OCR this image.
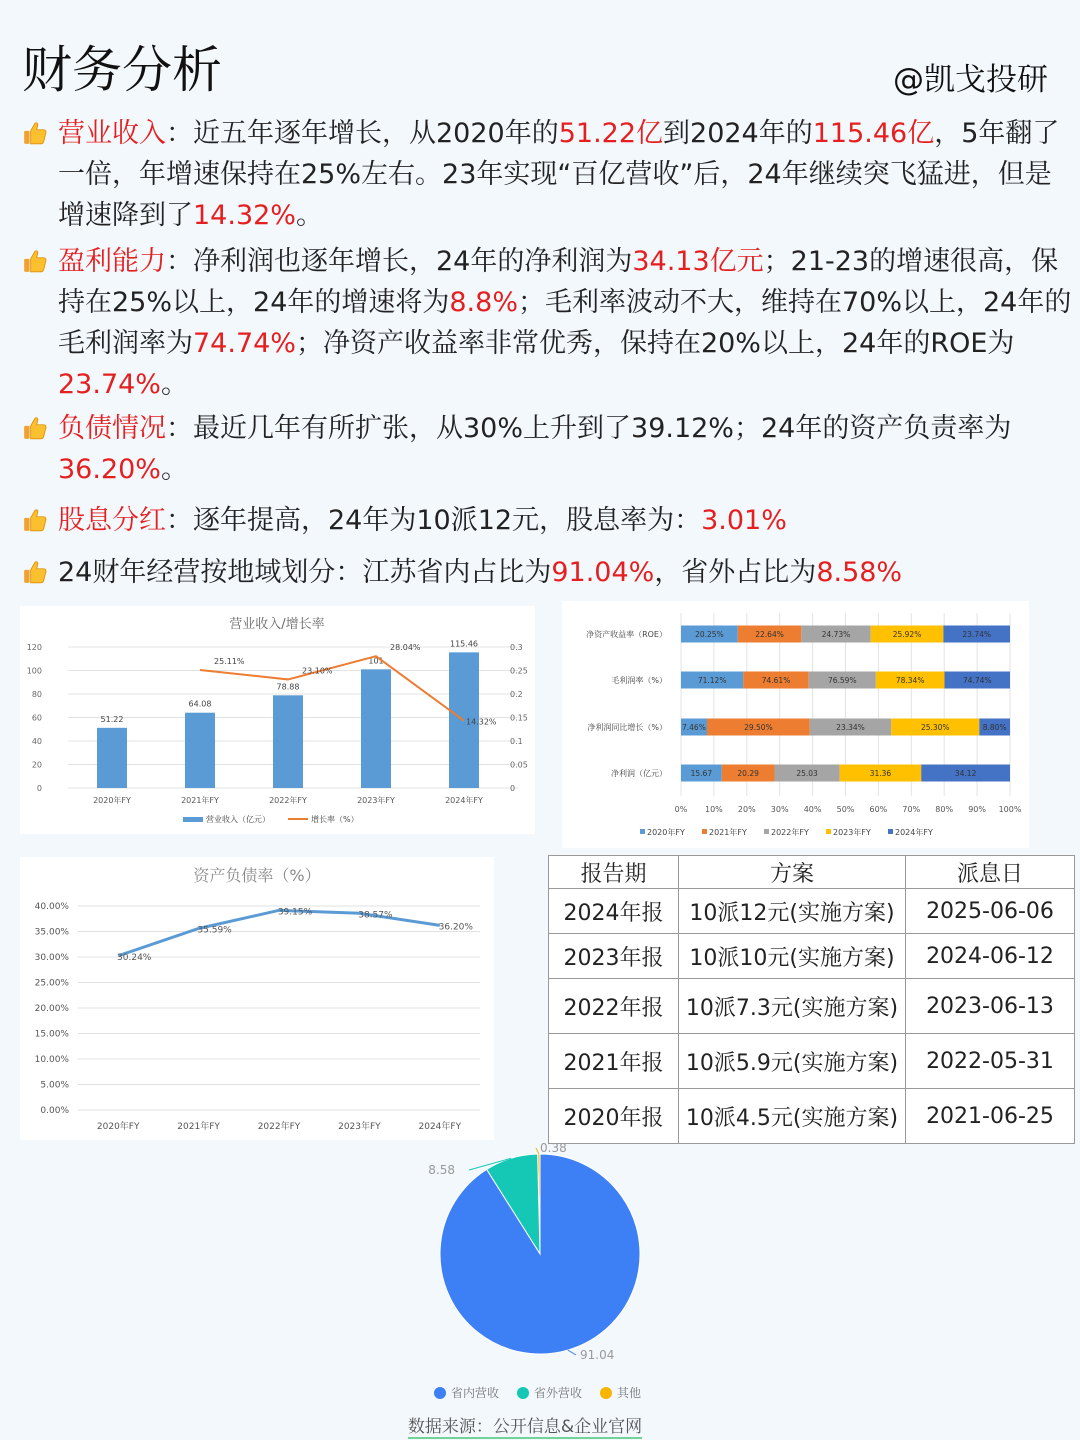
财务分析	@凯戈投研
营业收入：近五年逐年增长，从2020年的51.22亿到2024年的115.46亿，5年翻了一倍，年增速保持在25%左右。23年实现“百亿营收”后，24年继续突飞猛进，但是增速降到了14.32%。
盈利能力：净利润也逐年增长，24年的净利润为34.13亿元；21-23的增速很高，保持在25%以上，24年的增速将为8.8%；毛利率波动不大，维持在70%以上，24年的毛利润率为74.74%；净资产收益率非常优秀，保持在20%以上，24年的ROE为23.74%。
负债情况：最近几年有所扩张，从30%上升到了39.12%；24年的资产负责率为36.20%。
股息分红：逐年提高，24年为10派12元，股息率为：3.01%
24财年经营按地域划分：江苏省内占比为91.04%，省外占比为8.58%
营业收入/增长率
0
20
40
60
80
100
120
0
0.05
0.1
0.15
0.2
0.25
0.3
51.22
2020年FY
64.08
2021年FY
78.88
2022年FY
101
2023年FY
115.46
2024年FY
25.11%
23.10%
28.04%
14.32%
营业收入（亿元）	增长率（%）
0% 10% 20% 30% 40% 50% 60% 70% 80% 90% 100%
净资产收益率（ROE）	20.25%	22.64%	24.73%	25.92%	23.74%
毛利润率（%）	71.12%	74.61%	76.59%	78.34%	74.74%
净利润同比增长（%） 7.46%	29.50%	23.34%	25.30%	8.80%
净利润（亿元）	15.67	20.29	25.03	31.36	34.12
2020年FY	2021年FY	2022年FY	2023年FY	2024年FY
资产负债率（%）
0.00%
5.00%
10.00%
15.00%
20.00%
25.00%
30.00%
35.00%
40.00%
30.24%
2020年FY
35.59%
2021年FY
39.15%
2022年FY
38.57%
2023年FY
36.20%
2024年FY
报告期	方案	派息日
2024年报	10派12元(实施方案)	2025-06-06
2023年报	10派10元(实施方案)	2024-06-12
2022年报	10派7.3元(实施方案)	2023-06-13
2021年报	10派5.9元(实施方案)	2022-05-31
2020年报	10派4.5元(实施方案)	2021-06-25
0.38
8.58
91.04
省内营收	省外营收	其他
数据来源：公开信息&企业官网
